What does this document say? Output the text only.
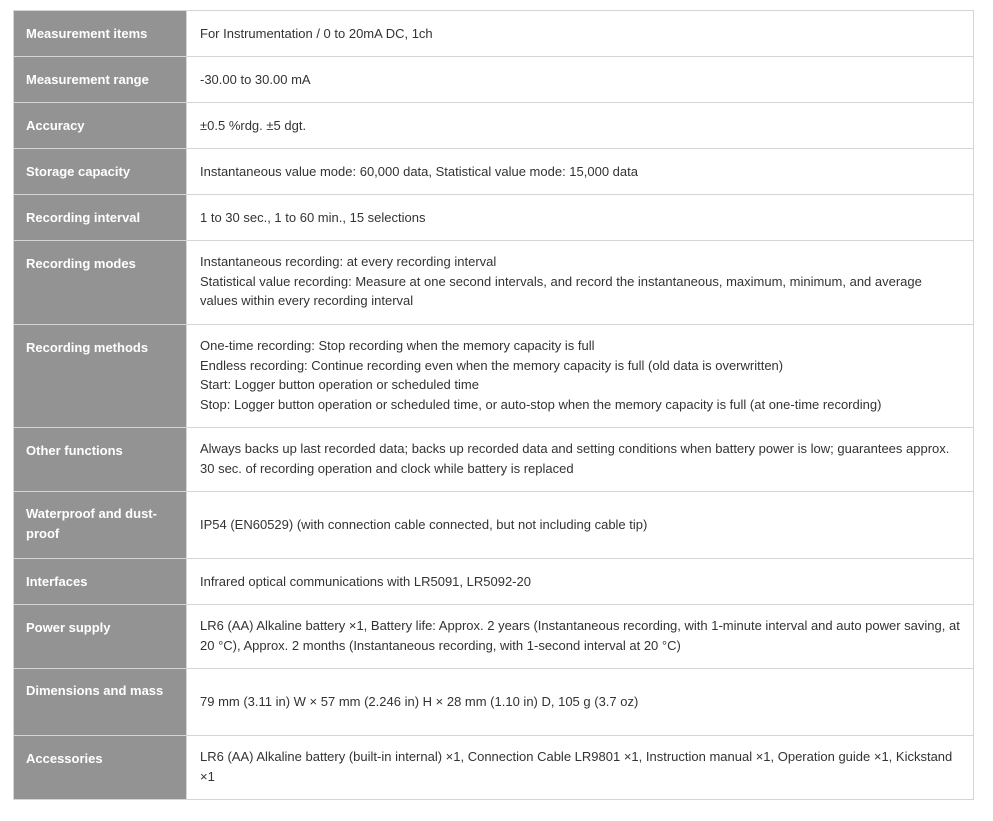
Measurement items	For Instrumentation / 0 to 20mA DC, 1ch

Measurement range	-30.00 to 30.00 mA

Accuracy	±0.5 %rdg. ±5 dgt.

Storage capacity	Instantaneous value mode: 60,000 data, Statistical value mode: 15,000 data

Recording interval	1 to 30 sec., 1 to 60 min., 15 selections

Recording modes	Instantaneous recording: at every recording interval
Statistical value recording: Measure at one second intervals, and record the instantaneous, maximum, minimum, and average values within every recording interval

Recording methods	One-time recording: Stop recording when the memory capacity is full
Endless recording: Continue recording even when the memory capacity is full (old data is overwritten)
Start: Logger button operation or scheduled time
Stop: Logger button operation or scheduled time, or auto-stop when the memory capacity is full (at one-time recording)

Other functions	Always backs up last recorded data; backs up recorded data and setting conditions when battery power is low; guarantees approx. 30 sec. of recording operation and clock while battery is replaced

Waterproof and dust-proof	IP54 (EN60529) (with connection cable connected, but not including cable tip)

Interfaces	Infrared optical communications with LR5091, LR5092-20

Power supply	LR6 (AA) Alkaline battery ×1, Battery life: Approx. 2 years (Instantaneous recording, with 1-minute interval and auto power saving, at 20 °C), Approx. 2 months (Instantaneous recording, with 1-second interval at 20 °C)

Dimensions and mass	79 mm (3.11 in) W × 57 mm (2.246 in) H × 28 mm (1.10 in) D, 105 g (3.7 oz)

Accessories	LR6 (AA) Alkaline battery (built-in internal) ×1, Connection Cable LR9801 ×1, Instruction manual ×1, Operation guide ×1, Kickstand ×1
